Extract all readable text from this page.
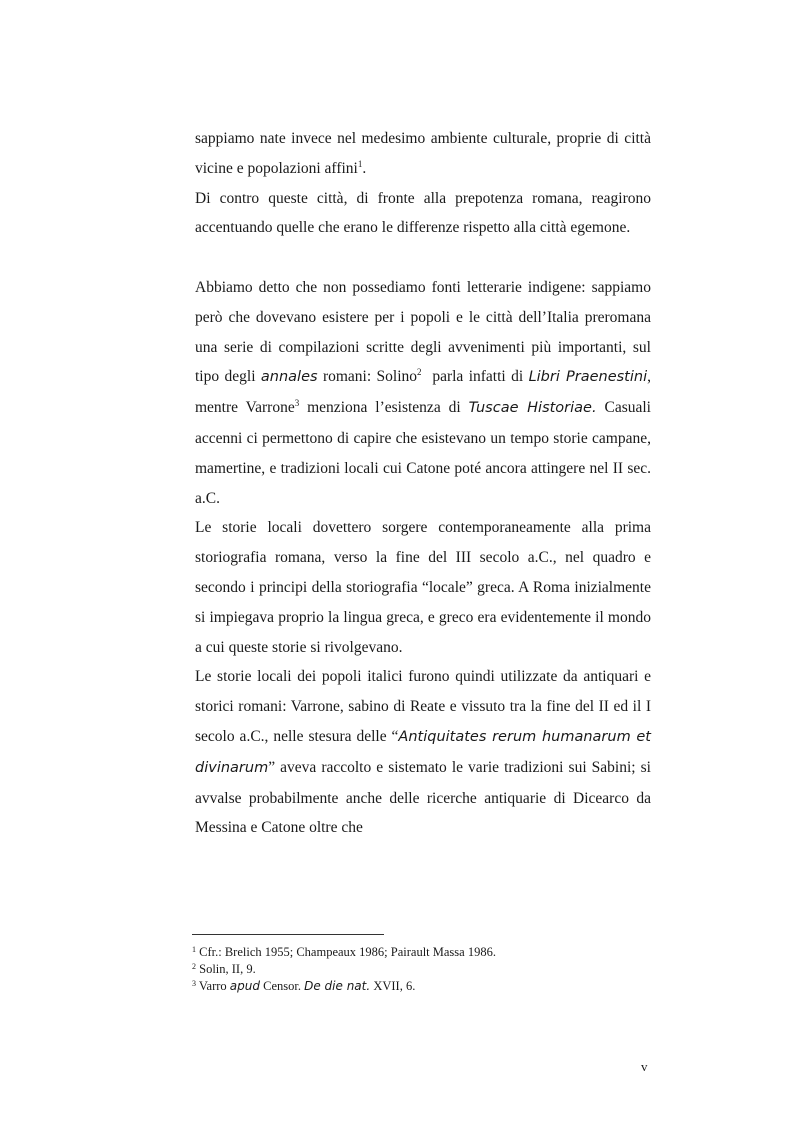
sappiamo nate invece nel medesimo ambiente culturale, proprie di città vicine e popolazioni affini$^1$.

Di contro queste città, di fronte alla prepotenza romana, reagirono accentuando quelle che erano le differenze rispetto alla città egemone.

Abbiamo detto che non possediamo fonti letterarie indigene: sappiamo però che dovevano esistere per i popoli e le città dell’Italia preromana una serie di compilazioni scritte degli avvenimenti più importanti, sul tipo degli annales romani: Solino$^2$  parla infatti di Libri Praenestini, mentre Varrone$^3$ menziona l’esistenza di Tuscae Historiae. Casuali accenni ci permettono di capire che esistevano un tempo storie campane, mamertine, e tradizioni locali cui Catone poté ancora attingere nel II sec. a.C.

Le storie locali dovettero sorgere contemporaneamente alla prima storiografia romana, verso la fine del III secolo a.C., nel quadro e secondo i principi della storiografia “locale” greca. A Roma inizialmente si impiegava proprio la lingua greca, e greco era evidentemente il mondo a cui queste storie si rivolgevano.

Le storie locali dei popoli italici furono quindi utilizzate da antiquari e storici romani: Varrone, sabino di Reate e vissuto tra la fine del II ed il I secolo a.C., nelle stesura delle “Antiquitates rerum humanarum et divinarum” aveva raccolto e sistemato le varie tradizioni sui Sabini; si avvalse probabilmente anche delle ricerche antiquarie di Dicearco da Messina e Catone oltre che

$^1$ Cfr.: Brelich 1955; Champeaux 1986; Pairault Massa 1986.

$^2$ Solin, II, 9.

$^3$ Varro apud Censor. De die nat. XVII, 6.

v
